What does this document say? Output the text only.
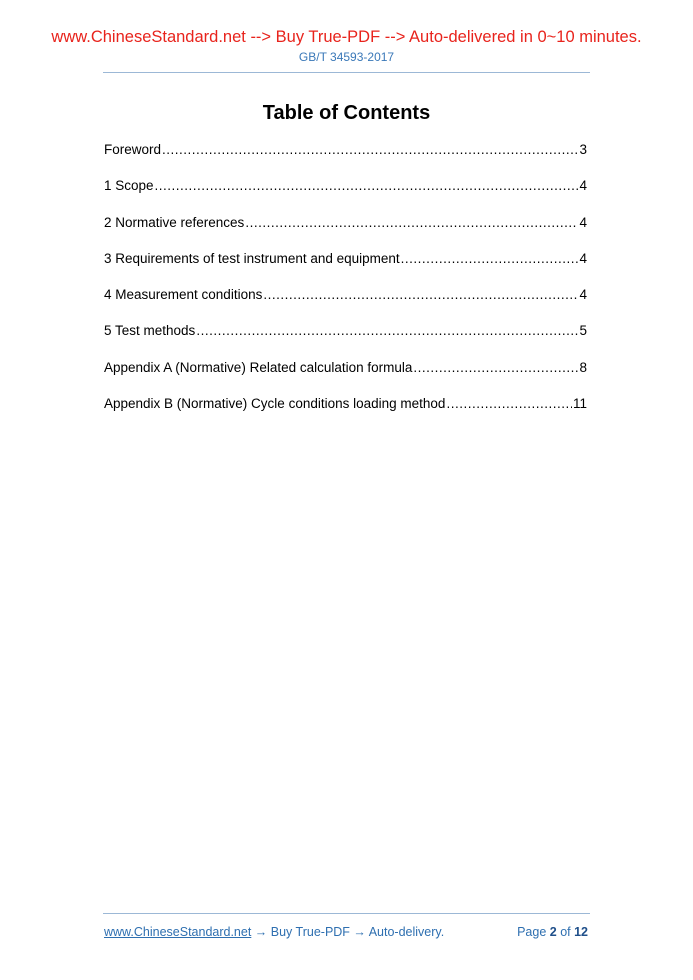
www.ChineseStandard.net --> Buy True-PDF --> Auto-delivered in 0~10 minutes.
GB/T 34593-2017
Table of Contents
Foreword .....	3
1 Scope .....	4
2 Normative references .....	4
3 Requirements of test instrument and equipment .....	4
4 Measurement conditions .....	4
5 Test methods .....	5
Appendix A (Normative) Related calculation formula .....	8
Appendix B (Normative) Cycle conditions loading method .....	11
www.ChineseStandard.net → Buy True-PDF → Auto-delivery.	Page 2 of 12
